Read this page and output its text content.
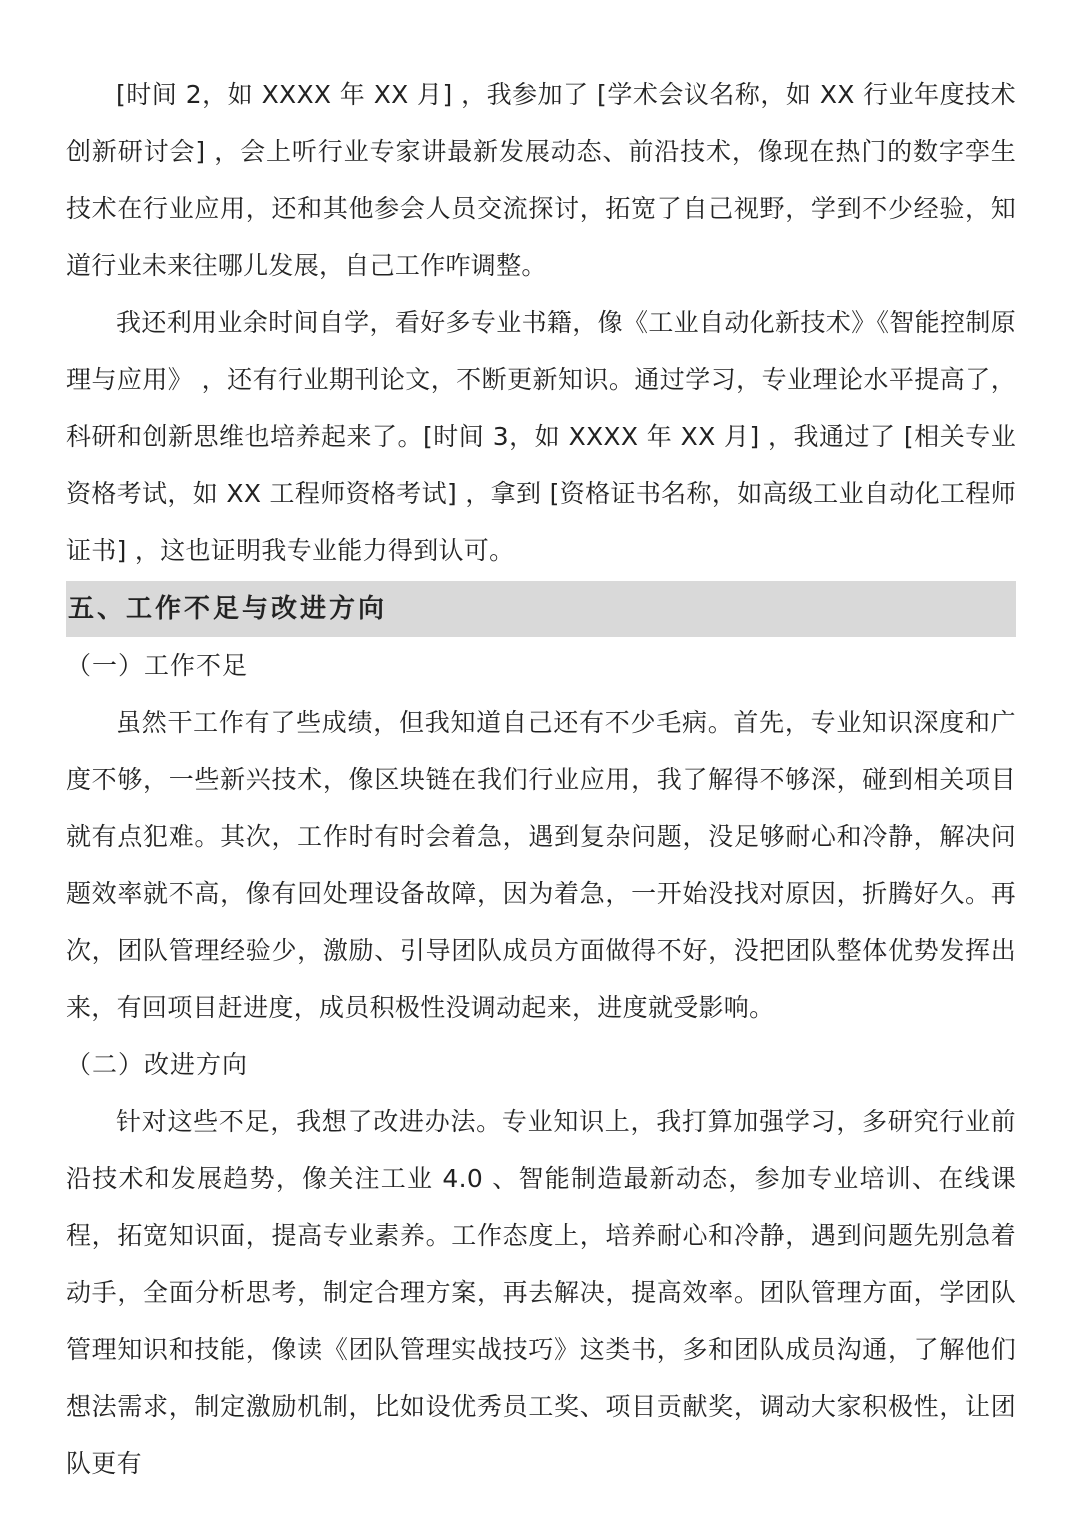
[时间 2，如 XXXX 年 XX 月] ，我参加了 [学术会议名称，如 XX 行业年度技术创新研讨会] ，会上听行业专家讲最新发展动态、前沿技术，像现在热门的数字孪生技术在行业应用，还和其他参会人员交流探讨，拓宽了自己视野，学到不少经验，知道行业未来往哪儿发展，自己工作咋调整。

我还利用业余时间自学，看好多专业书籍，像《工业自动化新技术》《智能控制原理与应用》 ，还有行业期刊论文，不断更新知识。通过学习，专业理论水平提高了，科研和创新思维也培养起来了。[时间 3，如 XXXX 年 XX 月] ，我通过了 [相关专业资格考试，如 XX 工程师资格考试] ，拿到 [资格证书名称，如高级工业自动化工程师证书] ，这也证明我专业能力得到认可。

五、工作不足与改进方向
（一）工作不足

虽然干工作有了些成绩，但我知道自己还有不少毛病。首先，专业知识深度和广度不够，一些新兴技术，像区块链在我们行业应用，我了解得不够深，碰到相关项目就有点犯难。其次，工作时有时会着急，遇到复杂问题，没足够耐心和冷静，解决问题效率就不高，像有回处理设备故障，因为着急，一开始没找对原因，折腾好久。再次，团队管理经验少，激励、引导团队成员方面做得不好，没把团队整体优势发挥出来，有回项目赶进度，成员积极性没调动起来，进度就受影响。

（二）改进方向

针对这些不足，我想了改进办法。专业知识上，我打算加强学习，多研究行业前沿技术和发展趋势，像关注工业 4.0 、智能制造最新动态，参加专业培训、在线课程，拓宽知识面，提高专业素养。工作态度上，培养耐心和冷静，遇到问题先别急着动手，全面分析思考，制定合理方案，再去解决，提高效率。团队管理方面，学团队管理知识和技能，像读《团队管理实战技巧》这类书，多和团队成员沟通，了解他们想法需求，制定激励机制，比如设优秀员工奖、项目贡献奖，调动大家积极性，让团队更有
